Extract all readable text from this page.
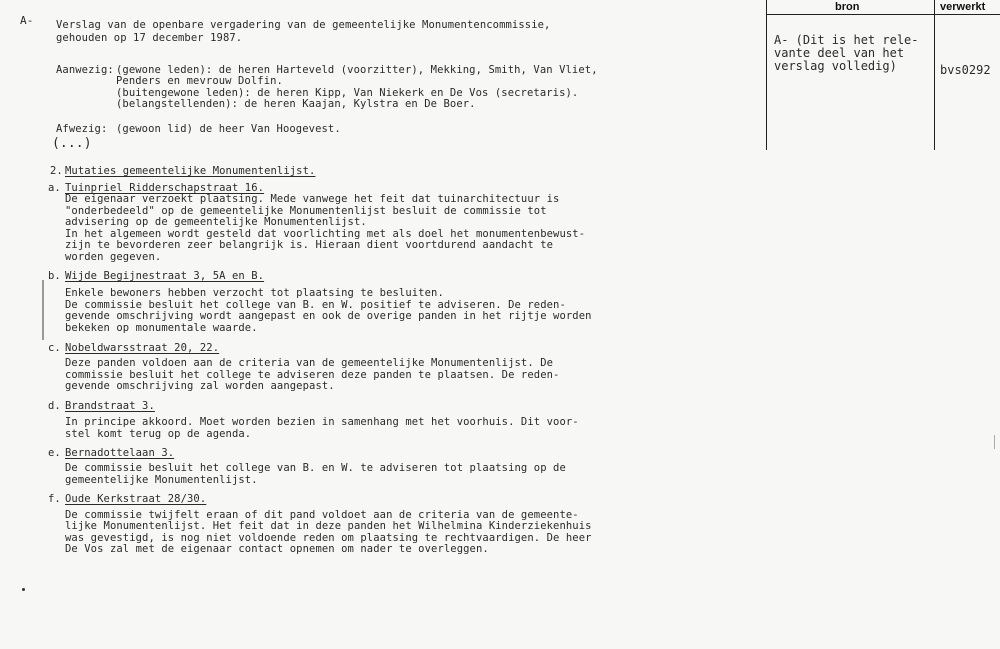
A- Verslag van de openbare vergadering van de gemeentelijke Monumentencommissie,
gehouden op 17 december 1987.
Aanwezig: (gewone leden): de heren Harteveld (voorzitter), Mekking, Smith, Van Vliet,
Penders en mevrouw Dolfin.
(buitengewone leden): de heren Kipp, Van Niekerk en De Vos (secretaris).
(belangstellenden): de heren Kaajan, Kylstra en De Boer.
Afwezig: (gewoon lid) de heer Van Hoogevest.
(...)
2. Mutaties gemeentelijke Monumentenlijst.
a. Tuinpriel Ridderschapstraat 16.
De eigenaar verzoekt plaatsing. Mede vanwege het feit dat tuinarchitectuur is
"onderbedeeld" op de gemeentelijke Monumentenlijst besluit de commissie tot
advisering op de gemeentelijke Monumentenlijst.
In het algemeen wordt gesteld dat voorlichting met als doel het monumentenbewust-
zijn te bevorderen zeer belangrijk is. Hieraan dient voortdurend aandacht te
worden gegeven.
b. Wijde Begijnestraat 3, 5A en B.
Enkele bewoners hebben verzocht tot plaatsing te besluiten.
De commissie besluit het college van B. en W. positief te adviseren. De reden-
gevende omschrijving wordt aangepast en ook de overige panden in het rijtje worden
bekeken op monumentale waarde.
c. Nobeldwarsstraat 20, 22.
Deze panden voldoen aan de criteria van de gemeentelijke Monumentenlijst. De
commissie besluit het college te adviseren deze panden te plaatsen. De reden-
gevende omschrijving zal worden aangepast.
d. Brandstraat 3.
In principe akkoord. Moet worden bezien in samenhang met het voorhuis. Dit voor-
stel komt terug op de agenda.
e. Bernadottelaan 3.
De commissie besluit het college van B. en W. te adviseren tot plaatsing op de
gemeentelijke Monumentenlijst.
f. Oude Kerkstraat 28/30.
De commissie twijfelt eraan of dit pand voldoet aan de criteria van de gemeente-
lijke Monumentenlijst. Het feit dat in deze panden het Wilhelmina Kinderziekenhuis
was gevestigd, is nog niet voldoende reden om plaatsing te rechtvaardigen. De heer
De Vos zal met de eigenaar contact opnemen om nader te overleggen.
bron	verwerkt
A- (Dit is het rele-
vante deel van het
verslag volledig)	bvs0292
